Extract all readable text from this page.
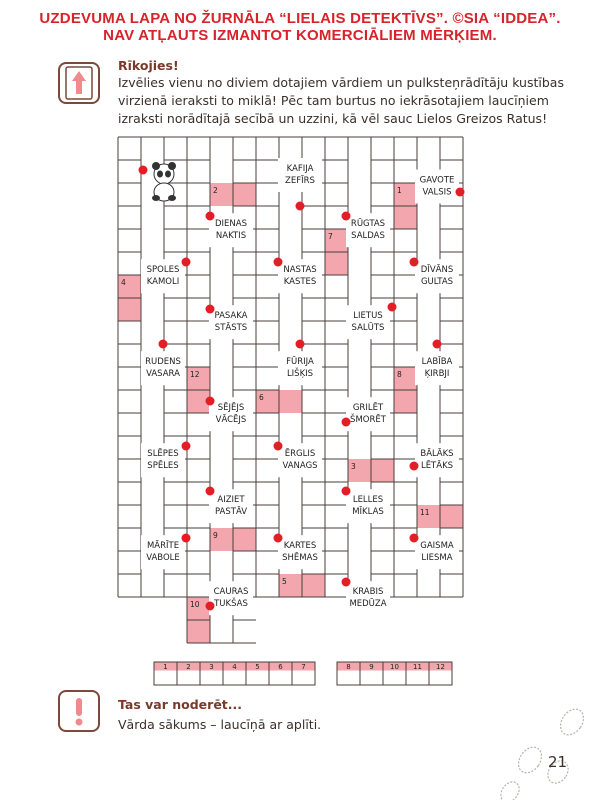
UZDEVUMA LAPA NO ŽURNĀLA “LIELAIS DETEKTĪVS”. ©SIA “IDDEA”.
NAV ATĻAUTS IZMANTOT KOMERCIĀLIEM MĒRĶIEM.
Rīkojies!
Izvēlies vienu no diviem dotajiem vārdiem un pulksteņrādītāju kustības virzienā ieraksti to miklā! Pēc tam burtus no iekrāsotajiem laucīņiem izraksti norādītajā secībā un uzzini, kā vēl sauc Lielos Greizos Ratus!
2	1
7
4
12
6
8
3
11
9
5
10
KAFIJA
ZEFĪRS	GAVOTE
VALSIS
DIENAS
NAKTIS
RŪGTAS
SALDAS
SPOLES
KAMOLI
NASTAS
KASTES
DĪVĀNS
GULTAS
PASAKA
STĀSTS
LIETUS
SALŪTS
RUDENS
VASARA
FŪRIJA
LIŠĶIS
LABĪBA
ĶIRBJI
SĒJĒJS
VĀCĒJS
GRILĒT
ŠMORĒT
SLĒPES
SPĒLES
ĒRGLIS
VANAGS
BĀLĀKS
LĒTĀKS
AIZIET
PASTĀV
LELLES
MĪKLAS
MĀRĪTE
VABOLE
KARTES
SHĒMAS
GAISMA
LIESMA
CAURAS
TUKŠAS
KRABIS
MEDŪZA
1	2	3	4	5	6	7	8	9 10 11 12
Tas var noderēt...
Vārda sākums – laucīņā ar aplīti.
21
